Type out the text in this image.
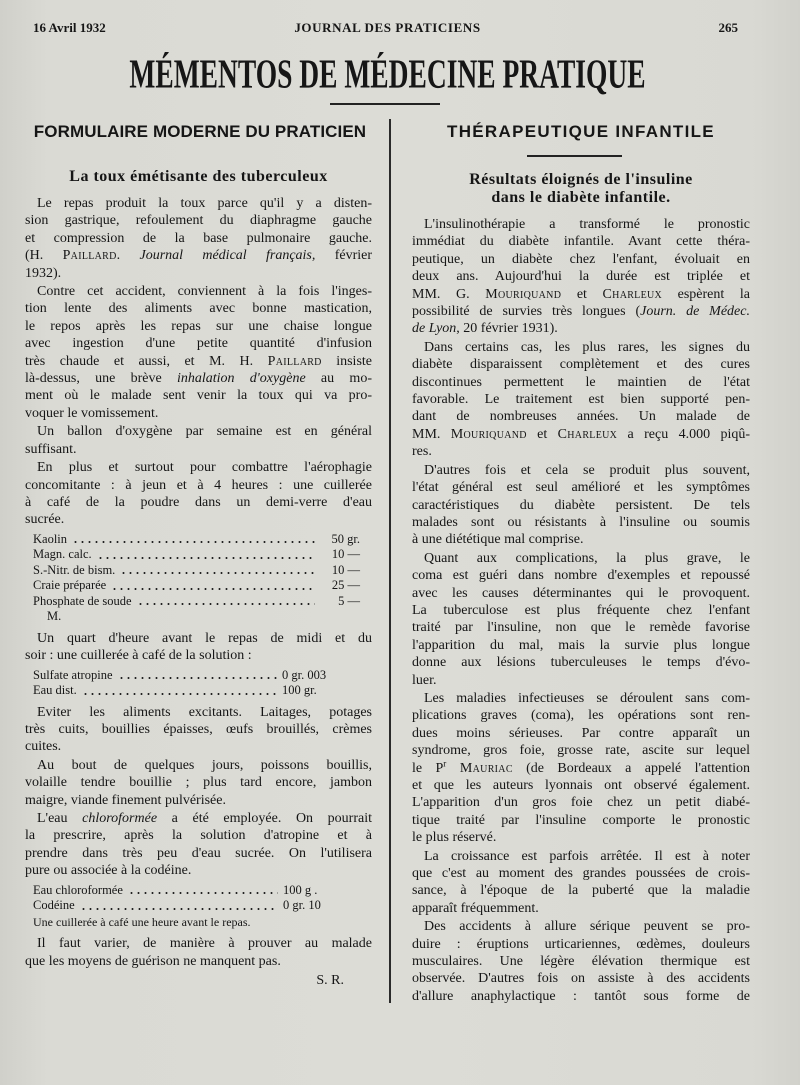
16 Avril 1932	JOURNAL DES PRATICIENS	265
MÉMENTOS DE MÉDECINE PRATIQUE
FORMULAIRE MODERNE DU PRATICIEN	THÉRAPEUTIQUE INFANTILE
La toux émétisante des tuberculeux	Résultats éloignés de l'insuline
dans le diabète infantile.
Le repas produit la toux parce qu'il y a disten-
sion gastrique, refoulement du diaphragme gauche
et compression de la base pulmonaire gauche.
(H. Paillard. Journal médical français, février
1932).
Contre cet accident, conviennent à la fois l'inges-
tion lente des aliments avec bonne mastication,
le repos après les repas sur une chaise longue
avec ingestion d'une petite quantité d'infusion
très chaude et aussi, et M. H. Paillard insiste
là-dessus, une brève inhalation d'oxygène au mo-
ment où le malade sent venir la toux qui va pro-
voquer le vomissement.
Un ballon d'oxygène par semaine est en général
suffisant.
En plus et surtout pour combattre l'aérophagie
concomitante : à jeun et à 4 heures : une cuillerée
à café de la poudre dans un demi-verre d'eau
sucrée.
Kaolin	50 gr.
Magn. calc.	10 —
S.-Nitr. de bism.	10 —
Craie préparée	25 —
Phosphate de soude	5 —
M.
Un quart d'heure avant le repas de midi et du
soir : une cuillerée à café de la solution :
Sulfate atropine	0 gr. 003
Eau dist.	100 gr.
Eviter les aliments excitants. Laitages, potages
très cuits, bouillies épaisses, œufs brouillés, crèmes
cuites.
Au bout de quelques jours, poissons bouillis,
volaille tendre bouillie ; plus tard encore, jambon
maigre, viande finement pulvérisée.
L'eau chloroformée a été employée. On pourrait
la prescrire, après la solution d'atropine et à
prendre dans très peu d'eau sucrée. On l'utilisera
pure ou associée à la codéine.
Eau chloroformée	100 g .
Codéine	0 gr. 10
Une cuillerée à café une heure avant le repas.
Il faut varier, de manière à prouver au malade
que les moyens de guérison ne manquent pas.
S. R.
L'insulinothérapie a transformé le pronostic
immédiat du diabète infantile. Avant cette théra-
peutique, un diabète chez l'enfant, évoluait en
deux ans. Aujourd'hui la durée est triplée et
MM. G. Mouriquand et Charleux espèrent la
possibilité de survies très longues (Journ. de Médec.
de Lyon, 20 février 1931).
Dans certains cas, les plus rares, les signes du
diabète disparaissent complètement et des cures
discontinues permettent le maintien de l'état
favorable. Le traitement est bien supporté pen-
dant de nombreuses années. Un malade de
MM. Mouriquand et Charleux a reçu 4.000 piqû-
res.
D'autres fois et cela se produit plus souvent,
l'état général est seul amélioré et les symptômes
caractéristiques du diabète persistent. De tels
malades sont ou résistants à l'insuline ou soumis
à une diététique mal comprise.
Quant aux complications, la plus grave, le
coma est guéri dans nombre d'exemples et repoussé
avec les causes déterminantes qui le provoquent.
La tuberculose est plus fréquente chez l'enfant
traité par l'insuline, non que le remède favorise
l'apparition du mal, mais la survie plus longue
donne aux lésions tuberculeuses le temps d'évo-
luer.
Les maladies infectieuses se déroulent sans com-
plications graves (coma), les opérations sont ren-
dues moins sérieuses. Par contre apparaît un
syndrome, gros foie, grosse rate, ascite sur lequel
le $P^r$ Mauriac (de Bordeaux a appelé l'attention
et que les auteurs lyonnais ont observé également.
L'apparition d'un gros foie chez un petit diabé-
tique traité par l'insuline comporte le pronostic
le plus réservé.
La croissance est parfois arrêtée. Il est à noter
que c'est au moment des grandes poussées de crois-
sance, à l'époque de la puberté que la maladie
apparaît fréquemment.
Des accidents à allure sérique peuvent se pro-
duire : éruptions urticariennes, œdèmes, douleurs
musculaires. Une légère élévation thermique est
observée. D'autres fois on assiste à des accidents
d'allure anaphylactique : tantôt sous forme de
